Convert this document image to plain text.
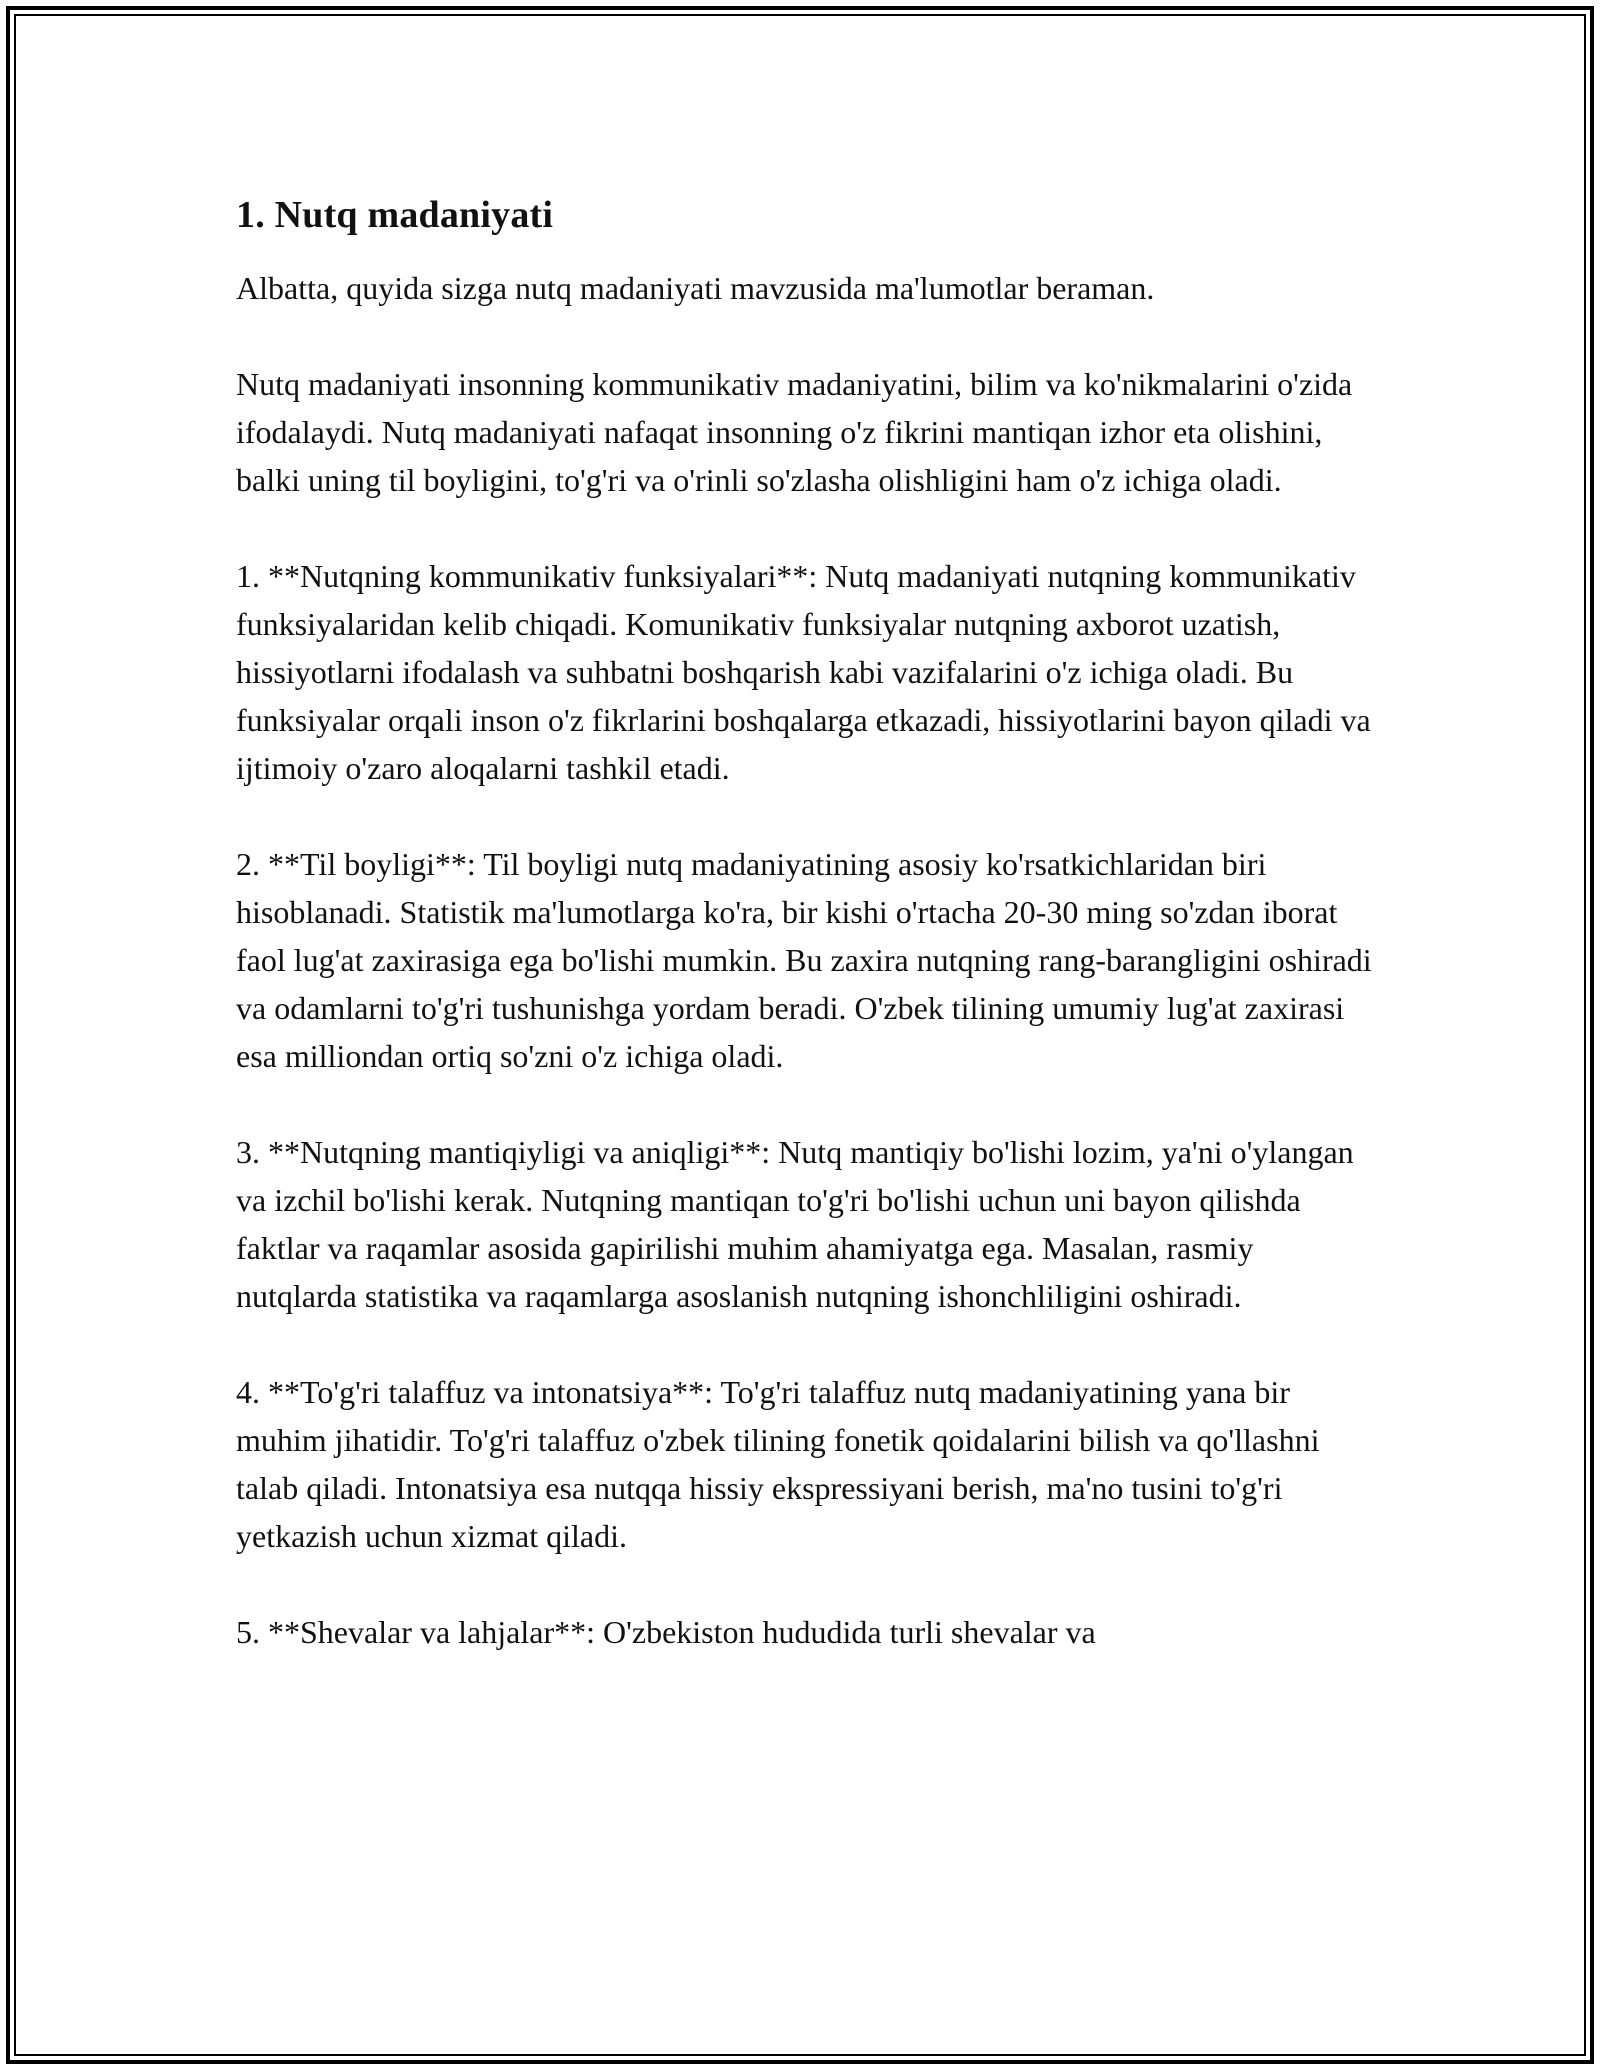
1. Nutq madaniyati

Albatta, quyida sizga nutq madaniyati mavzusida ma'lumotlar beraman.

Nutq madaniyati insonning kommunikativ madaniyatini, bilim va ko'nikmalarini o'zida ifodalaydi. Nutq madaniyati nafaqat insonning o'z fikrini mantiqan izhor eta olishini, balki uning til boyligini, to'g'ri va o'rinli so'zlasha olishligini ham o'z ichiga oladi.

1. **Nutqning kommunikativ funksiyalari**: Nutq madaniyati nutqning kommunikativ funksiyalaridan kelib chiqadi. Komunikativ funksiyalar nutqning axborot uzatish, hissiyotlarni ifodalash va suhbatni boshqarish kabi vazifalarini o'z ichiga oladi. Bu funksiyalar orqali inson o'z fikrlarini boshqalarga etkazadi, hissiyotlarini bayon qiladi va ijtimoiy o'zaro aloqalarni tashkil etadi.

2. **Til boyligi**: Til boyligi nutq madaniyatining asosiy ko'rsatkichlaridan biri hisoblanadi. Statistik ma'lumotlarga ko'ra, bir kishi o'rtacha 20-30 ming so'zdan iborat faol lug'at zaxirasiga ega bo'lishi mumkin. Bu zaxira nutqning rang-barangligini oshiradi va odamlarni to'g'ri tushunishga yordam beradi. O'zbek tilining umumiy lug'at zaxirasi esa milliondan ortiq so'zni o'z ichiga oladi.

3. **Nutqning mantiqiyligi va aniqligi**: Nutq mantiqiy bo'lishi lozim, ya'ni o'ylangan va izchil bo'lishi kerak. Nutqning mantiqan to'g'ri bo'lishi uchun uni bayon qilishda faktlar va raqamlar asosida gapirilishi muhim ahamiyatga ega. Masalan, rasmiy nutqlarda statistika va raqamlarga asoslanish nutqning ishonchliligini oshiradi.

4. **To'g'ri talaffuz va intonatsiya**: To'g'ri talaffuz nutq madaniyatining yana bir muhim jihatidir. To'g'ri talaffuz o'zbek tilining fonetik qoidalarini bilish va qo'llashni talab qiladi. Intonatsiya esa nutqqa hissiy ekspressiyani berish, ma'no tusini to'g'ri yetkazish uchun xizmat qiladi.

5. **Shevalar va lahjalar**: O'zbekiston hududida turli shevalar va
